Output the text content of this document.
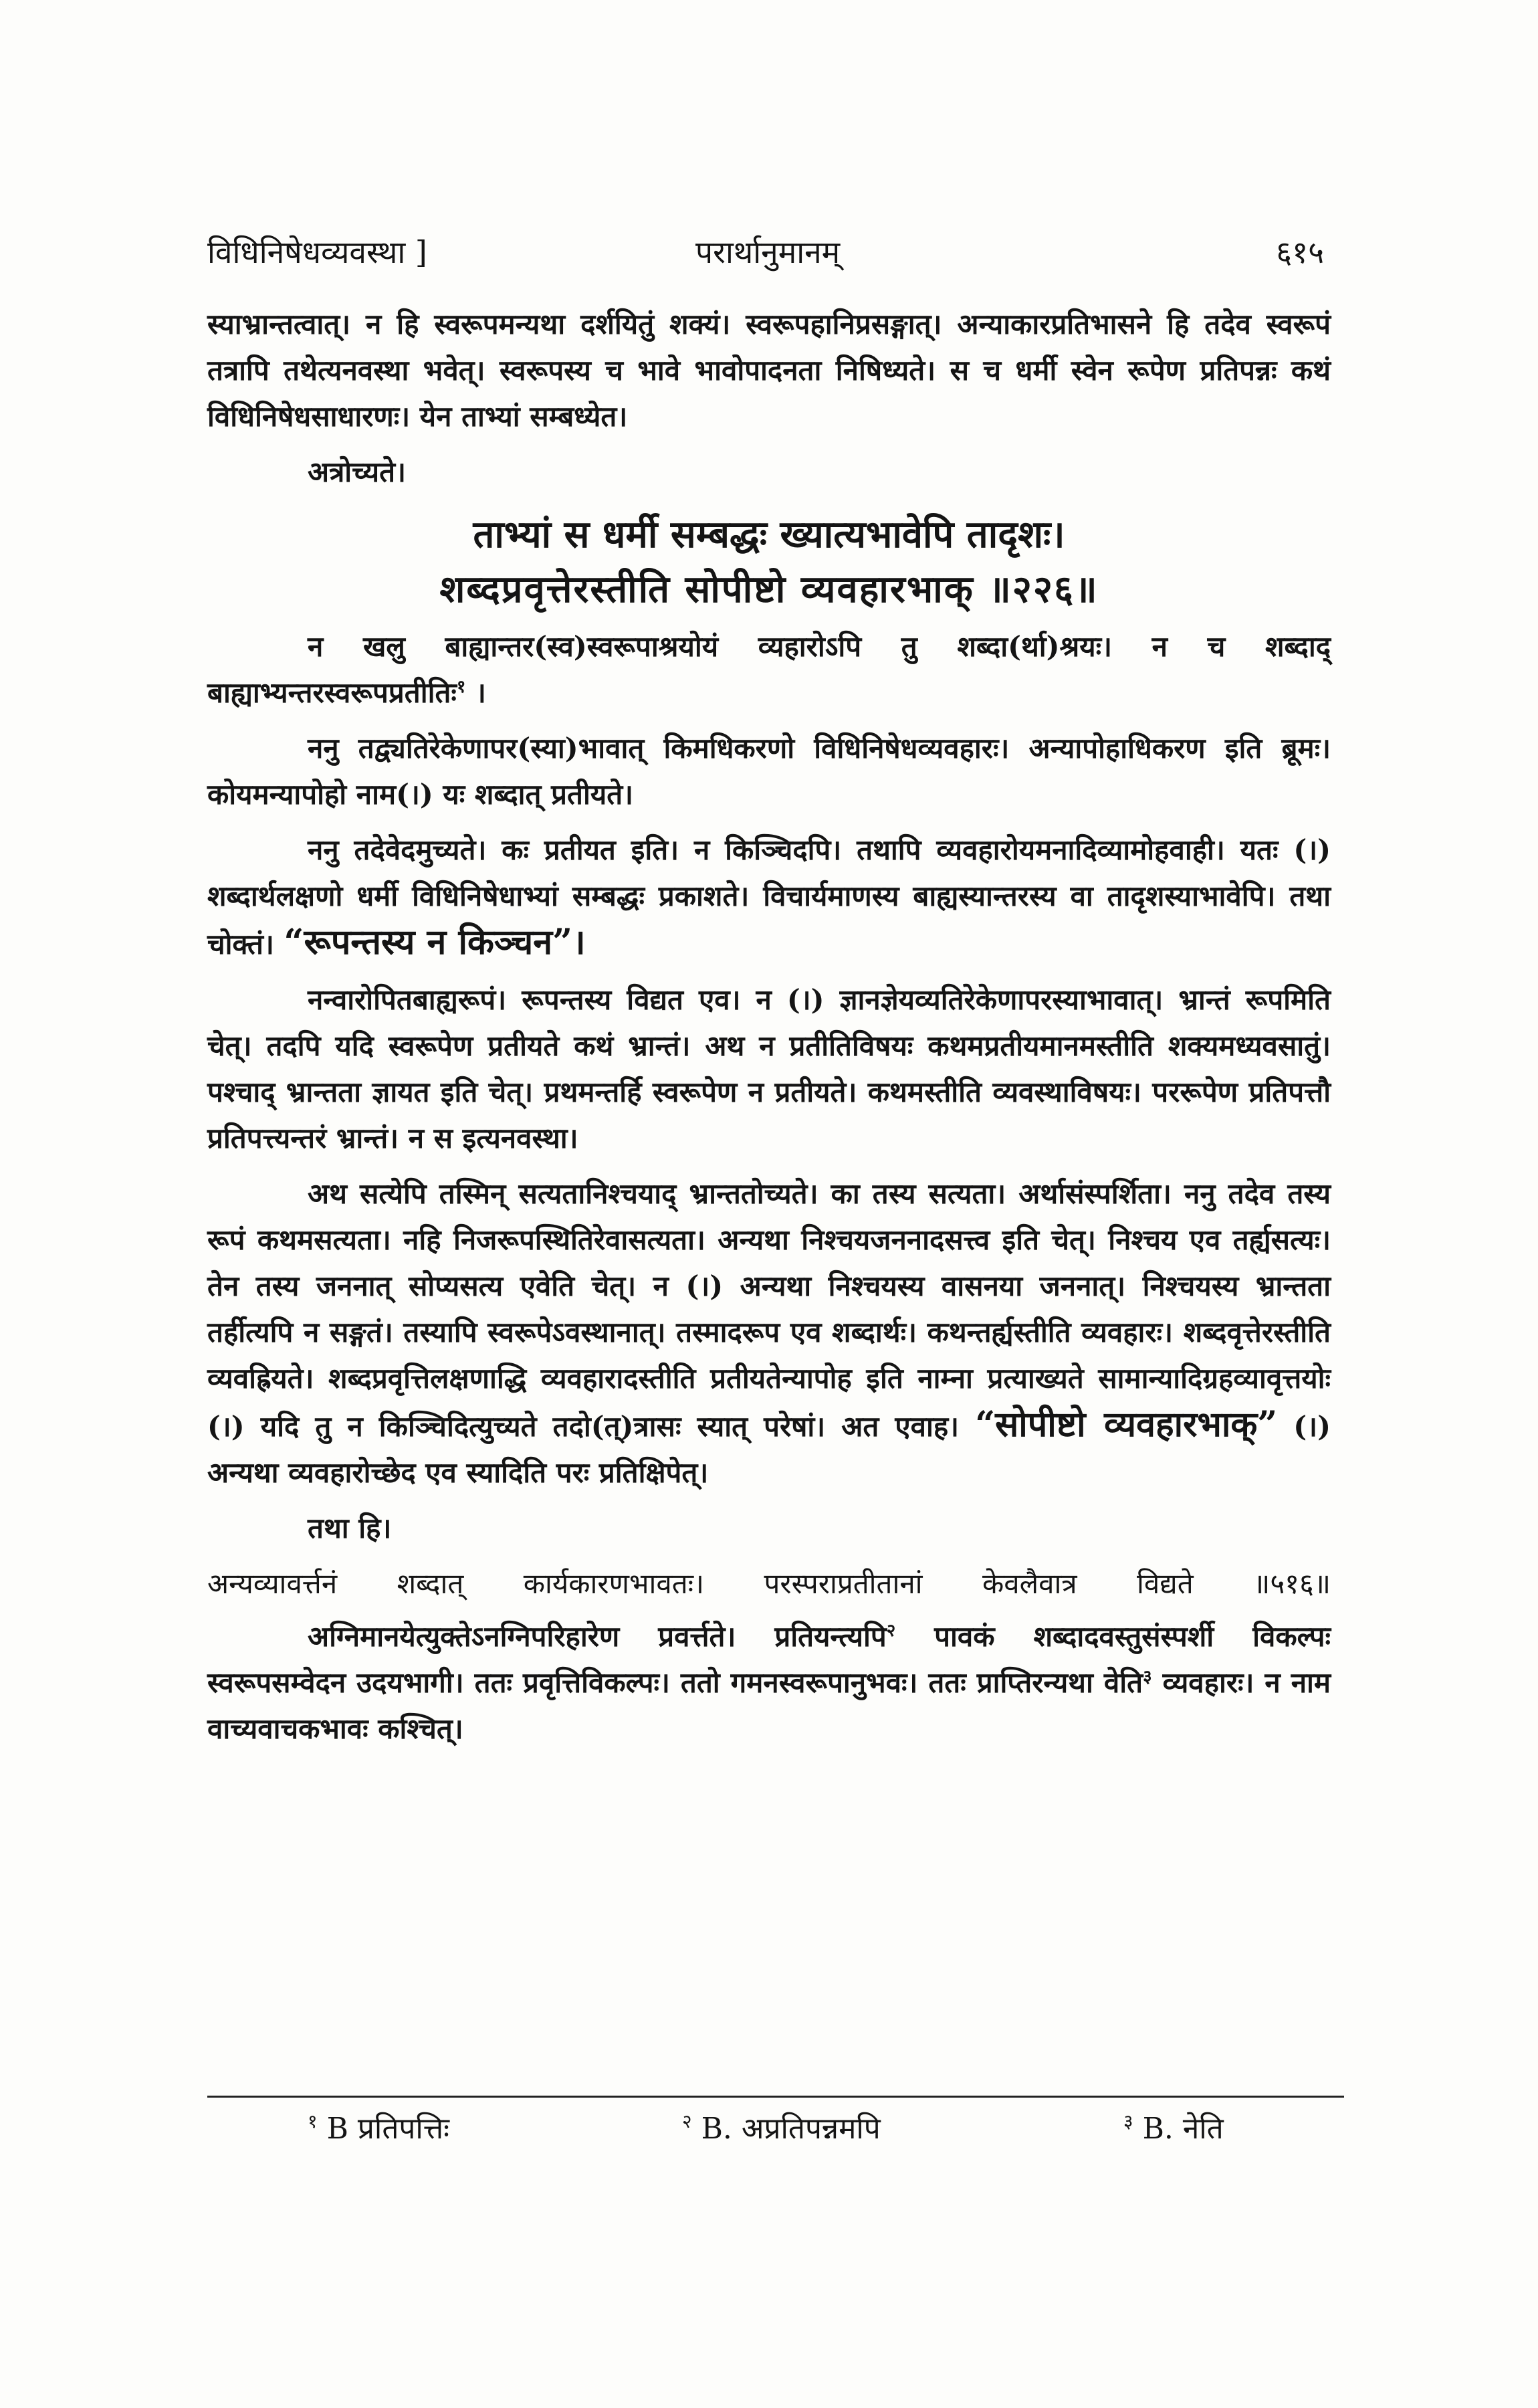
विधिनिषेधव्यवस्था ]	परार्थानुमानम्	६१५

स्याभ्रान्तत्वात्। न हि स्वरूपमन्यथा दर्शयितुं शक्यं। स्वरूपहानिप्रसङ्गात्। अन्याकारप्रतिभासने हि तदेव स्वरूपं तत्रापि तथेत्यनवस्था भवेत्। स्वरूपस्य च भावे भावोपादनता निषिध्यते। स च धर्मी स्वेन रूपेण प्रतिपन्नः कथं विधिनिषेधसाधारणः। येन ताभ्यां सम्बध्येत।

अत्रोच्यते।

ताभ्यां स धर्मी सम्बद्धः ख्यात्यभावेपि तादृशः।
शब्दप्रवृत्तेरस्तीति सोपीष्टो व्यवहारभाक् ॥२२६॥

न खलु बाह्यान्तर(स्व)स्वरूपाश्रयोयं व्यहारोऽपि तु शब्दा(र्था)श्रयः। न च शब्दाद् बाह्याभ्यन्तरस्वरूपप्रतीतिः$^१$ ।

ननु तद्व्यतिरेकेणापर(स्या)भावात् किमधिकरणो विधिनिषेधव्यवहारः। अन्यापोहाधिकरण इति ब्रूमः। कोयमन्यापोहो नाम(।) यः शब्दात् प्रतीयते।

ननु तदेवेदमुच्यते। कः प्रतीयत इति। न किञ्चिदपि। तथापि व्यवहारोयमनादिव्यामोहवाही। यतः (।) शब्दार्थलक्षणो धर्मी विधिनिषेधाभ्यां सम्बद्धः प्रकाशते। विचार्यमाणस्य बाह्यस्यान्तरस्य वा तादृशस्याभावेपि। तथा चोक्तं। “रूपन्तस्य न किञ्चन”।

नन्वारोपितबाह्यरूपं। रूपन्तस्य विद्यत एव। न (।) ज्ञानज्ञेयव्यतिरेकेणापरस्याभावात्। भ्रान्तं रूपमिति चेत्। तदपि यदि स्वरूपेण प्रतीयते कथं भ्रान्तं। अथ न प्रतीतिविषयः कथमप्रतीयमानमस्तीति शक्यमध्यवसातुं। पश्चाद् भ्रान्तता ज्ञायत इति चेत्। प्रथमन्तर्हि स्वरूपेण न प्रतीयते। कथमस्तीति व्यवस्थाविषयः। पररूपेण प्रतिपत्तौ प्रतिपत्त्यन्तरं भ्रान्तं। न स इत्यनवस्था।

अथ सत्येपि तस्मिन् सत्यतानिश्चयाद् भ्रान्ततोच्यते। का तस्य सत्यता। अर्थासंस्पर्शिता। ननु तदेव तस्य रूपं कथमसत्यता। नहि निजरूपस्थितिरेवासत्यता। अन्यथा निश्चयजननादसत्त्व इति चेत्। निश्चय एव तर्ह्यसत्यः। तेन तस्य जननात् सोप्यसत्य एवेति चेत्। न (।) अन्यथा निश्चयस्य वासनया जननात्। निश्चयस्य भ्रान्तता तर्हीत्यपि न सङ्गतं। तस्यापि स्वरूपेऽवस्थानात्। तस्मादरूप एव शब्दार्थः। कथन्तर्ह्यस्तीति व्यवहारः। शब्दवृत्तेरस्तीति व्यवह्रियते। शब्दप्रवृत्तिलक्षणाद्धि व्यवहारादस्तीति प्रतीयतेन्यापोह इति नाम्ना प्रत्याख्यते सामान्यादिग्रहव्यावृत्तयोः (।) यदि तु न किञ्चिदित्युच्यते तदो(त्)त्रासः स्यात् परेषां। अत एवाह। “सोपीष्टो व्यवहारभाक्” (।) अन्यथा व्यवहारोच्छेद एव स्यादिति परः प्रतिक्षिपेत्।

तथा हि।

अन्यव्यावर्त्तनं शब्दात् कार्यकारणभावतः। परस्पराप्रतीतानां केवलैवात्र विद्यते ॥५१६॥

अग्निमानयेत्युक्तेऽनग्निपरिहारेण प्रवर्त्तते। प्रतियन्त्यपि$^२$ पावकं शब्दादवस्तुसंस्पर्शी विकल्पः स्वरूपसम्वेदन उदयभागी। ततः प्रवृत्तिविकल्पः। ततो गमनस्वरूपानुभवः। ततः प्राप्तिरन्यथा वेति$^३$ व्यवहारः। न नाम वाच्यवाचकभावः कश्चित्।

$^१$ B प्रतिपत्तिः	$^२$ B. अप्रतिपन्नमपि	$^३$ B. नेति
